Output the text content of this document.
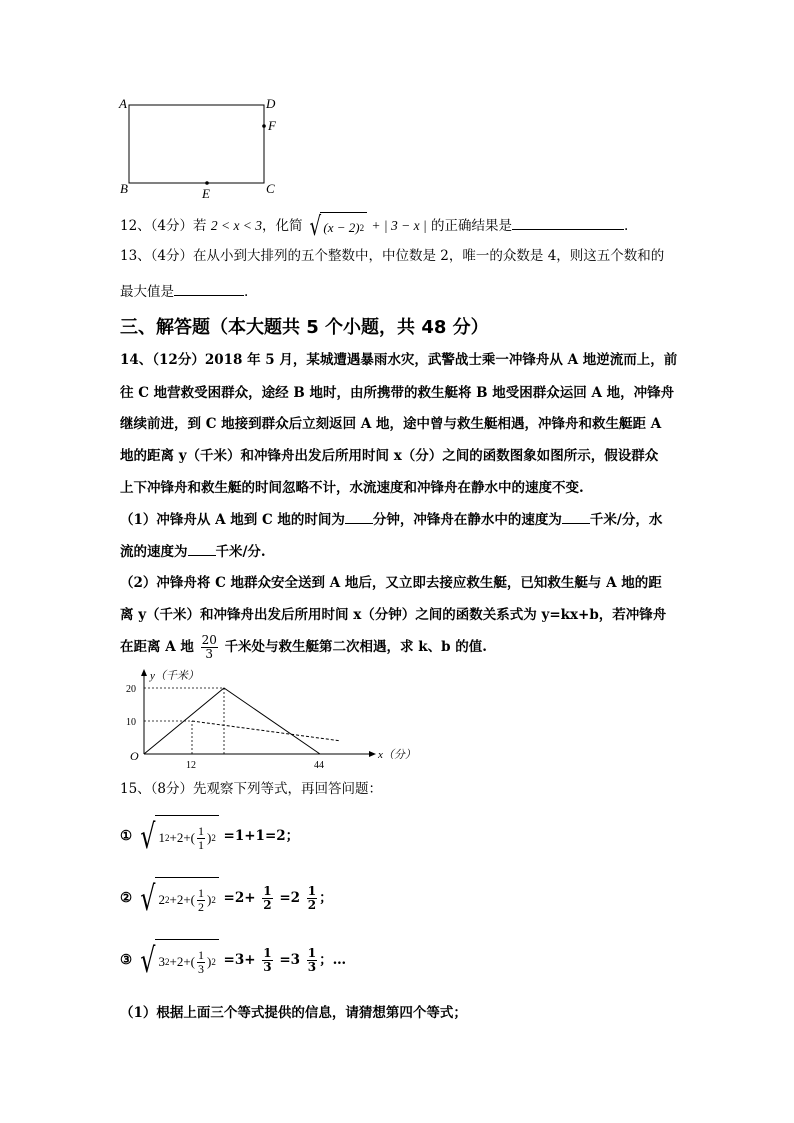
A	D
F
B	E	C
12、（4分）若 2 < x < 3，化简 √ (x − 2) 2 + | 3 − x | 的正确结果是	.
13、（4分）在从小到大排列的五个整数中，中位数是 2，唯一的众数是 4，则这五个数和的
最大值是	.
三、解答题（本大题共 5 个小题，共 48 分）
14、（12分）2018 年 5 月，某城遭遇暴雨水灾，武警战士乘一冲锋舟从 A 地逆流而上，前
往 C 地营救受困群众，途经 B 地时，由所携带的救生艇将 B 地受困群众运回 A 地，冲锋舟
继续前进，到 C 地接到群众后立刻返回 A 地，途中曾与救生艇相遇，冲锋舟和救生艇距 A
地的距离 y（千米）和冲锋舟出发后所用时间 x（分）之间的函数图象如图所示，假设群众
上下冲锋舟和救生艇的时间忽略不计，水流速度和冲锋舟在静水中的速度不变.
（1）冲锋舟从 A 地到 C 地的时间为 分钟，冲锋舟在静水中的速度为 千米/分，水
流的速度为 千米/分.
（2）冲锋舟将 C 地群众安全送到 A 地后，又立即去接应救生艇，已知救生艇与 A 地的距
离 y（千米）和冲锋舟出发后所用时间 x（分钟）之间的函数关系式为 y=kx+b，若冲锋舟
在距离 A 地 $\frac{20}{3}$ 千米处与救生艇第二次相遇，求 k、b 的值.
12	44
10
20
O
y（千米）
x（分）
15、（8分）先观察下列等式，再回答问题：
① √ 1 $2 +2+( \frac{1}{1}$ ) 2 =1+1=2；
② √ 2 $2 +2+( \frac{1}{2}$ ) $2 =2+ \frac{1}{2} =2 \frac{1}{2}$ ；
③ √ 3 $2 +2+( \frac{1}{3}$ ) $2 =3+ \frac{1}{3} =3 \frac{1}{3}$ ；…
（1）根据上面三个等式提供的信息，请猜想第四个等式；
